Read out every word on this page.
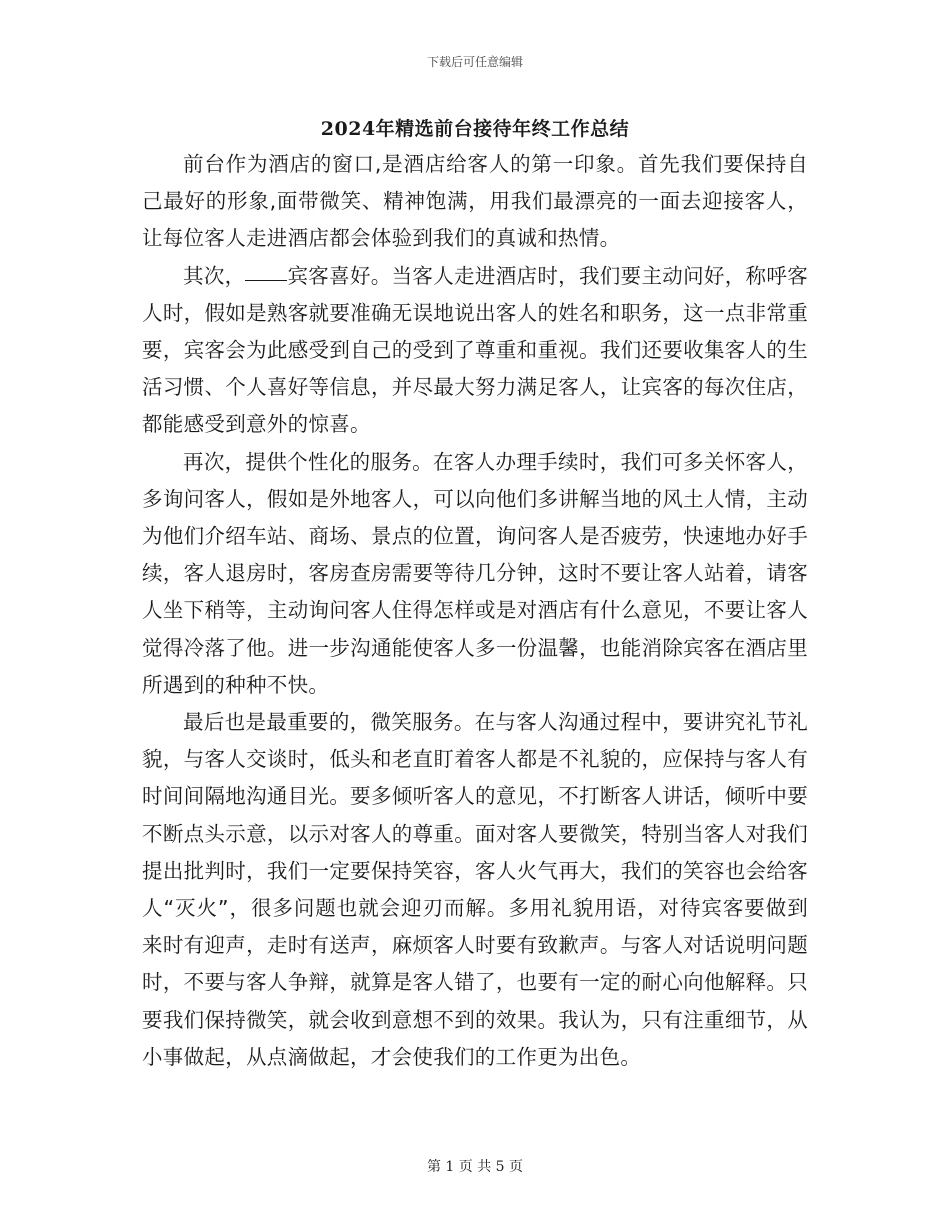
下载后可任意编辑
2024年精选前台接待年终工作总结

前台作为酒店的窗口,是酒店给客人的第一印象。首先我们要保持自己最好的形象,面带微笑、精神饱满，用我们最漂亮的一面去迎接客人，让每位客人走进酒店都会体验到我们的真诚和热情。

其次， 宾客喜好。当客人走进酒店时，我们要主动问好，称呼客人时，假如是熟客就要准确无误地说出客人的姓名和职务，这一点非常重要，宾客会为此感受到自己的受到了尊重和重视。我们还要收集客人的生活习惯、个人喜好等信息，并尽最大努力满足客人，让宾客的每次住店，都能感受到意外的惊喜。

再次，提供个性化的服务。在客人办理手续时，我们可多关怀客人，多询问客人，假如是外地客人，可以向他们多讲解当地的风土人情，主动为他们介绍车站、商场、景点的位置，询问客人是否疲劳，快速地办好手续，客人退房时，客房查房需要等待几分钟，这时不要让客人站着，请客人坐下稍等，主动询问客人住得怎样或是对酒店有什么意见，不要让客人觉得冷落了他。进一步沟通能使客人多一份温馨，也能消除宾客在酒店里所遇到的种种不快。

最后也是最重要的，微笑服务。在与客人沟通过程中，要讲究礼节礼貌，与客人交谈时，低头和老直盯着客人都是不礼貌的，应保持与客人有时间间隔地沟通目光。要多倾听客人的意见，不打断客人讲话，倾听中要不断点头示意，以示对客人的尊重。面对客人要微笑，特别当客人对我们提出批判时，我们一定要保持笑容，客人火气再大，我们的笑容也会给客人“灭火”，很多问题也就会迎刃而解。多用礼貌用语，对待宾客要做到来时有迎声，走时有送声，麻烦客人时要有致歉声。与客人对话说明问题时，不要与客人争辩，就算是客人错了，也要有一定的耐心向他解释。只要我们保持微笑，就会收到意想不到的效果。我认为，只有注重细节，从小事做起，从点滴做起，才会使我们的工作更为出色。

第 1 页 共 5 页
